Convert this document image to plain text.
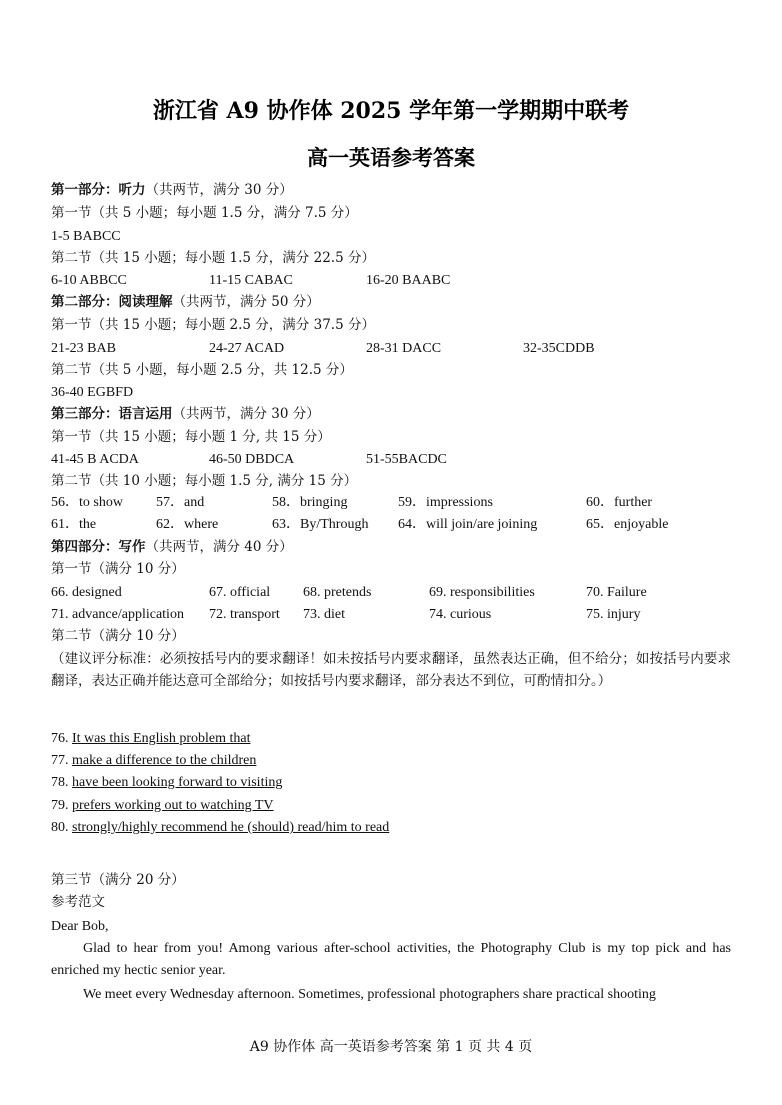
浙江省 A9 协作体 2025 学年第一学期期中联考
高一英语参考答案
第一部分：听力（共两节，满分 30 分）
第一节（共 5 小题；每小题 1.5 分，满分 7.5 分）
1-5 BABCC
第二节（共 15 小题；每小题 1.5 分，满分 22.5 分）
6-10 ABBCC	11-15 CABAC	16-20 BAABC
第二部分：阅读理解（共两节，满分 50 分）
第一节（共 15 小题；每小题 2.5 分，满分 37.5 分）
21-23 BAB	24-27 ACAD	28-31 DACC	32-35CDDB
第二节（共 5 小题，每小题 2.5 分，共 12.5 分）
36-40 EGBFD
第三部分：语言运用（共两节，满分 30 分）
第一节（共 15 小题；每小题 1 分, 共 15 分）
41-45 B ACDA	46-50 DBDCA	51-55BACDC
第二节（共 10 小题；每小题 1.5 分, 满分 15 分）
56．to show 57．and	58．bringing	59．impressions	60．further
61．the	62．where	63．By/Through 64．will join/are joining	65．enjoyable
第四部分：写作（共两节，满分 40 分）
第一节（满分 10 分）
66. designed	67. official 68. pretends	69. responsibilities	70. Failure
71. advance/application 72. transport 73. diet	74. curious	75. injury
第二节（满分 10 分）
（建议评分标准：必须按括号内的要求翻译！如未按括号内要求翻译，虽然表达正确，但不给分；如按括号内要求翻译，表达正确并能达意可全部给分；如按括号内要求翻译，部分表达不到位，可酌情扣分。）
76. It was this English problem that
77. make a difference to the children
78. have been looking forward to visiting
79. prefers working out to watching TV
80. strongly/highly recommend he (should) read/him to read
第三节（满分 20 分）
参考范文
Dear Bob,
Glad to hear from you! Among various after-school activities, the Photography Club is my top pick and has enriched my hectic senior year.
We meet every Wednesday afternoon. Sometimes, professional photographers share practical shooting
A9 协作体 高一英语参考答案 第 1 页 共 4 页
